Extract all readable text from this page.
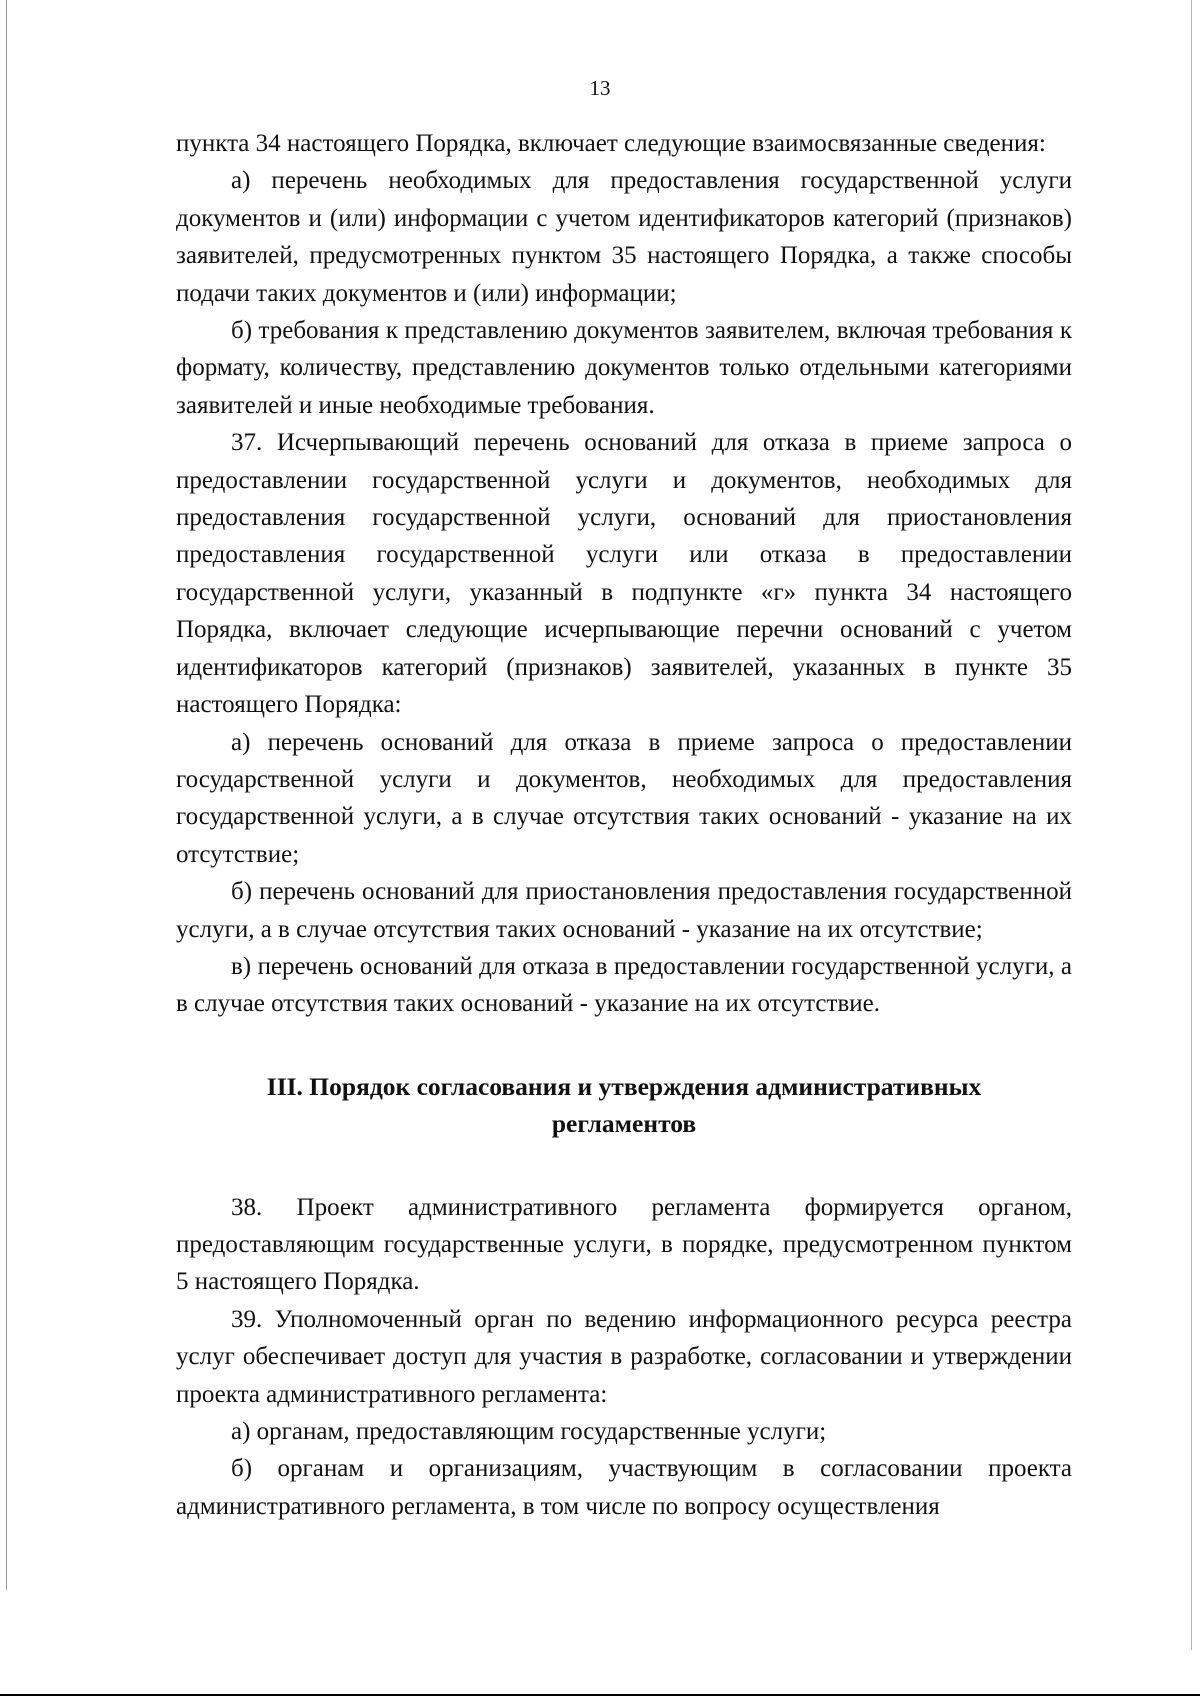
13

пункта 34 настоящего Порядка, включает следующие взаимосвязанные сведения:

а) перечень необходимых для предоставления государственной услуги документов и (или) информации с учетом идентификаторов категорий (признаков) заявителей, предусмотренных пунктом 35 настоящего Порядка, а также способы подачи таких документов и (или) информации;

б) требования к представлению документов заявителем, включая требования к формату, количеству, представлению документов только отдельными категориями заявителей и иные необходимые требования.

37. Исчерпывающий перечень оснований для отказа в приеме запроса о предоставлении государственной услуги и документов, необходимых для предоставления государственной услуги, оснований для приостановления предоставления государственной услуги или отказа в предоставлении государственной услуги, указанный в подпункте «г» пункта 34 настоящего Порядка, включает следующие исчерпывающие перечни оснований с учетом идентификаторов категорий (признаков) заявителей, указанных в пункте 35 настоящего Порядка:

а) перечень оснований для отказа в приеме запроса о предоставлении государственной услуги и документов, необходимых для предоставления государственной услуги, а в случае отсутствия таких оснований - указание на их отсутствие;

б) перечень оснований для приостановления предоставления государственной услуги, а в случае отсутствия таких оснований - указание на их отсутствие;

в) перечень оснований для отказа в предоставлении государственной услуги, а в случае отсутствия таких оснований - указание на их отсутствие.

III. Порядок согласования и утверждения административных
регламентов

38. Проект административного регламента формируется органом, предоставляющим государственные услуги, в порядке, предусмотренном пунктом 5 настоящего Порядка.

39. Уполномоченный орган по ведению информационного ресурса реестра услуг обеспечивает доступ для участия в разработке, согласовании и утверждении проекта административного регламента:

а) органам, предоставляющим государственные услуги;

б) органам и организациям, участвующим в согласовании проекта административного регламента, в том числе по вопросу осуществления
